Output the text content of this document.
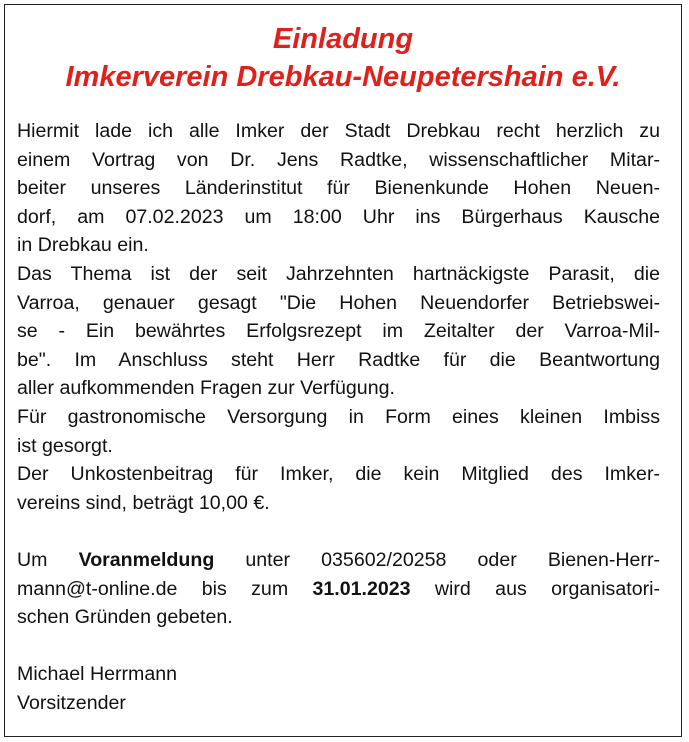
Einladung
Imkerverein Drebkau-Neupetershain e.V.
Hiermit lade ich alle Imker der Stadt Drebkau recht herzlich zu
einem Vortrag von Dr. Jens Radtke, wissenschaftlicher Mitar-
beiter unseres Länderinstitut für Bienenkunde Hohen Neuen-
dorf, am 07.02.2023 um 18:00 Uhr ins Bürgerhaus Kausche
in Drebkau ein.
Das Thema ist der seit Jahrzehnten hartnäckigste Parasit, die
Varroa, genauer gesagt "Die Hohen Neuendorfer Betriebswei-
se - Ein bewährtes Erfolgsrezept im Zeitalter der Varroa-Mil-
be". Im Anschluss steht Herr Radtke für die Beantwortung
aller aufkommenden Fragen zur Verfügung.
Für gastronomische Versorgung in Form eines kleinen Imbiss
ist gesorgt.
Der Unkostenbeitrag für Imker, die kein Mitglied des Imker-
vereins sind, beträgt 10,00 €.
Um Voranmeldung unter 035602/20258 oder Bienen-Herr-
mann@t-online.de bis zum 31.01.2023 wird aus organisatori-
schen Gründen gebeten.
Michael Herrmann
Vorsitzender
